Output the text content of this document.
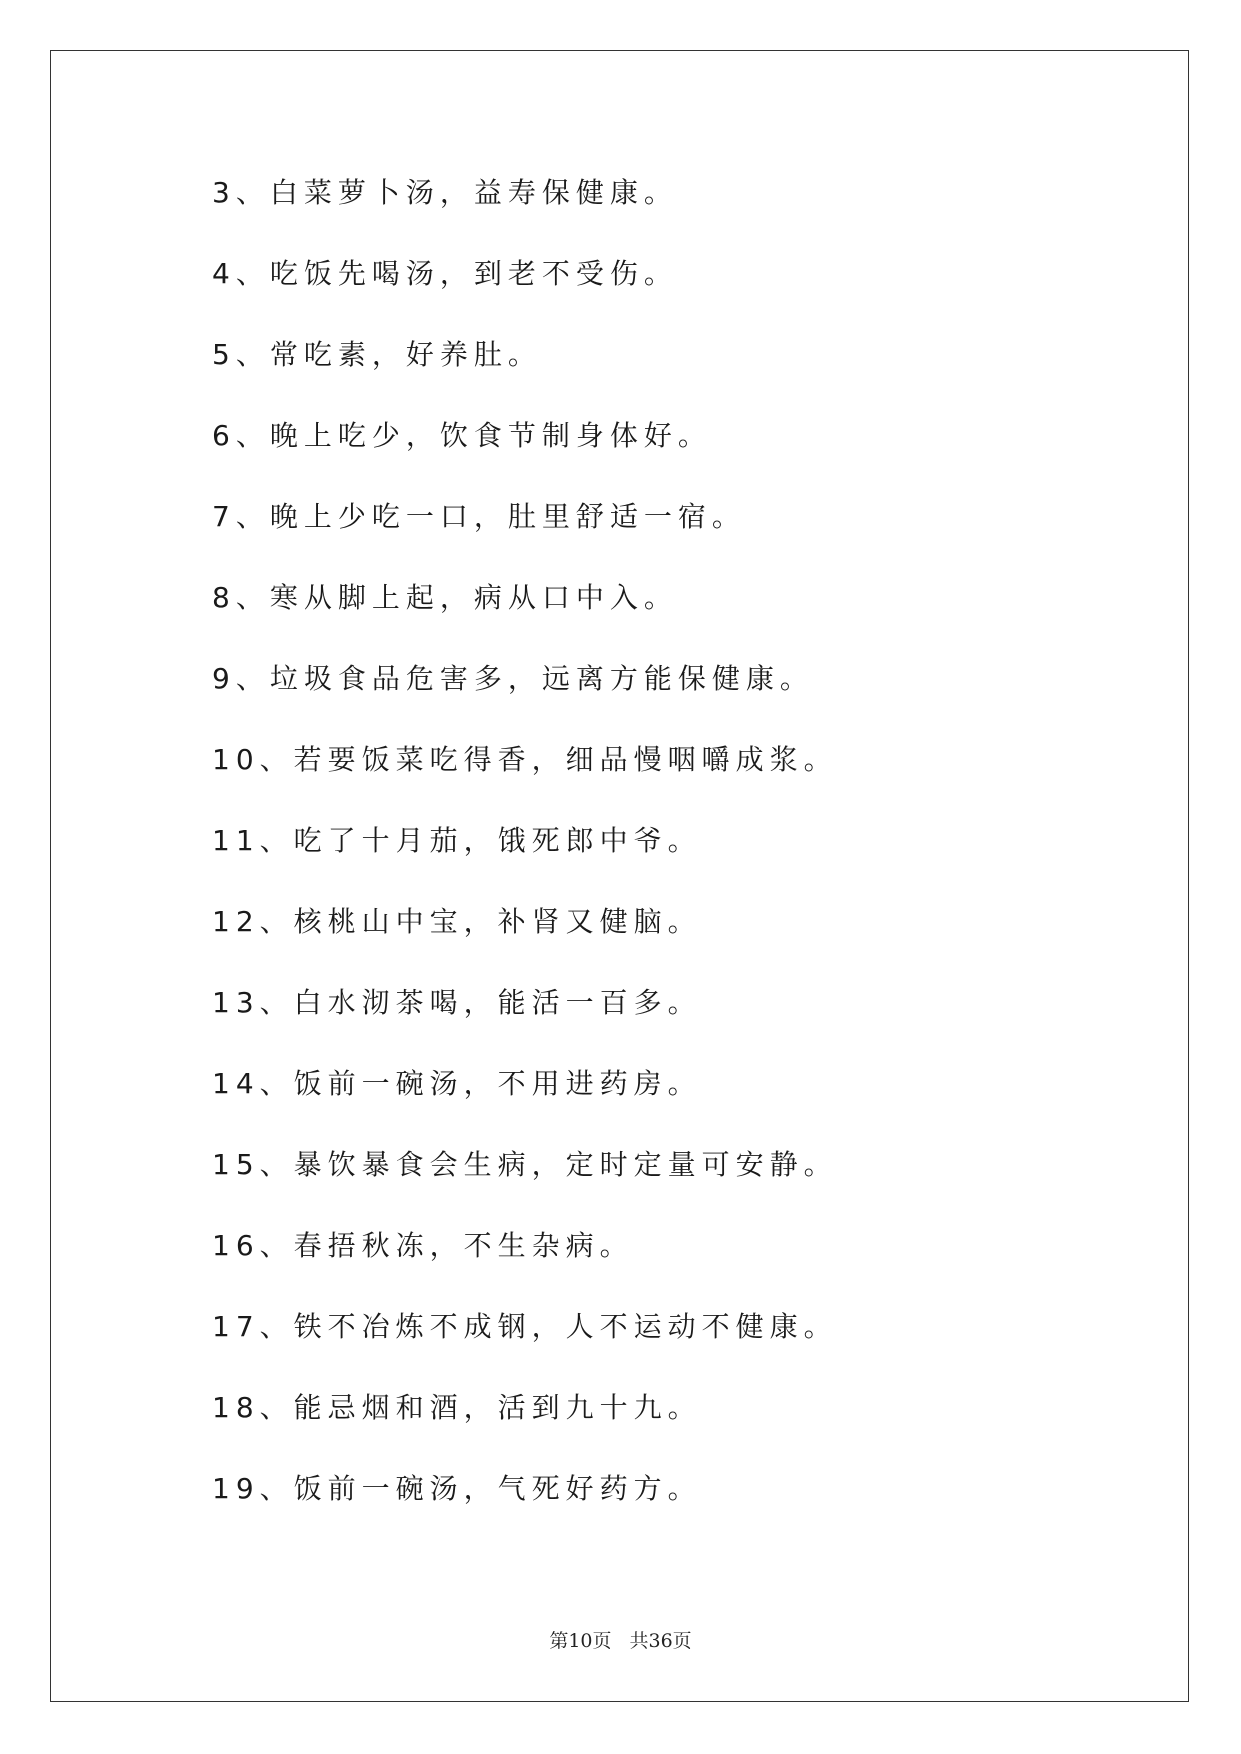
3、白菜萝卜汤，益寿保健康。
4、吃饭先喝汤，到老不受伤。
5、常吃素，好养肚。
6、晚上吃少，饮食节制身体好。
7、晚上少吃一口，肚里舒适一宿。
8、寒从脚上起，病从口中入。
9、垃圾食品危害多，远离方能保健康。
10、若要饭菜吃得香，细品慢咽嚼成浆。
11、吃了十月茄，饿死郎中爷。
12、核桃山中宝，补肾又健脑。
13、白水沏茶喝，能活一百多。
14、饭前一碗汤，不用进药房。
15、暴饮暴食会生病，定时定量可安静。
16、春捂秋冻，不生杂病。
17、铁不冶炼不成钢，人不运动不健康。
18、能忌烟和酒，活到九十九。
19、饭前一碗汤，气死好药方。
第10页 共36页
